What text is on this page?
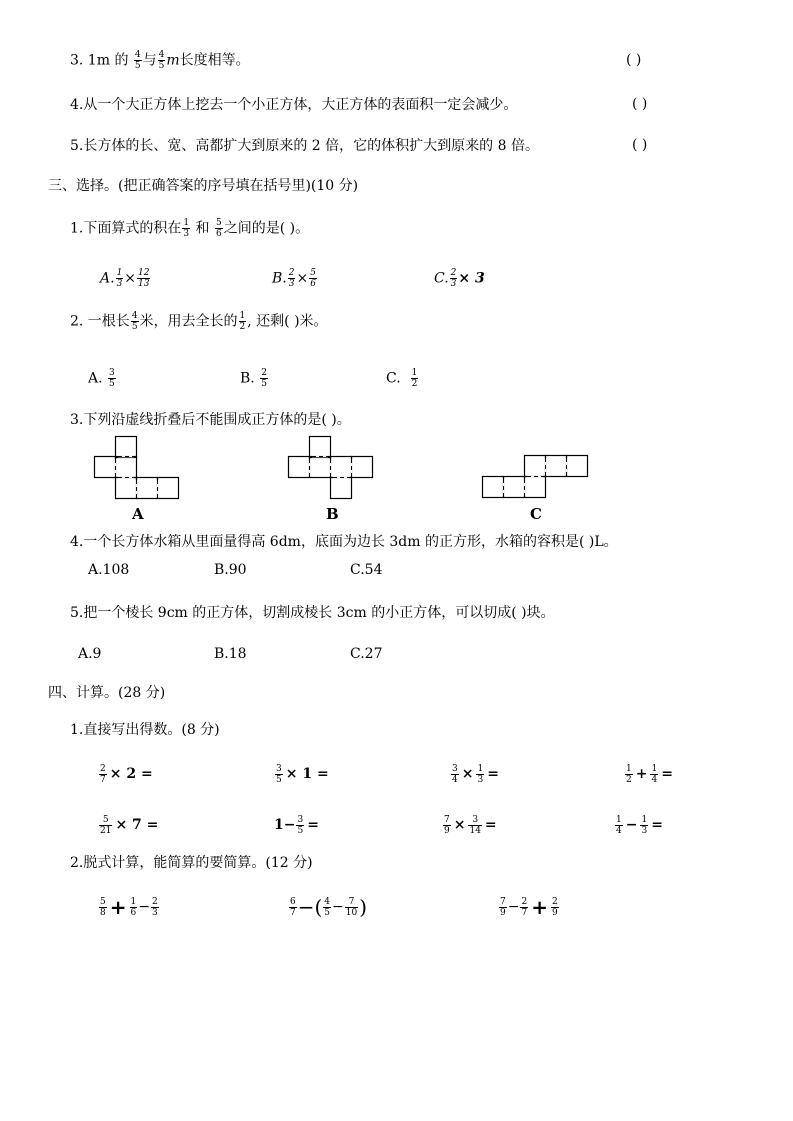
3. 1m 的 $\frac{4}{5}$ 与 $\frac{4}{5}$ m长度相等。	( )
4.从一个大正方体上挖去一个小正方体，大正方体的表面积一定会减少。	( )
5.长方体的长、宽、高都扩大到原来的 2 倍，它的体积扩大到原来的 8 倍。	( )
三、选择。(把正确答案的序号填在括号里)(10 分)
1.下面算式的积在 $\frac{1}{3}$ 和 $\frac{5}{6}$ 之间的是( )。
A. $\frac{1}{3} \times \frac{12}{13}$	B. $\frac{2}{3} \times \frac{5}{6}$	C. $\frac{2}{3} \times 3$
2. 一根长 $\frac{4}{5}$ 米，用去全长的 $\frac{1}{2}$ , 还剩( )米。
A. $\frac{3}{5}$	B. $\frac{2}{5}$	C. $\frac{1}{2}$
3.下列沿虚线折叠后不能围成正方体的是( )。
A	B	C
4.一个长方体水箱从里面量得高 6dm，底面为边长 3dm 的正方形，水箱的容积是( )L。
A.108	B.90	C.54
5.把一个棱长 9cm 的正方体，切割成棱长 3cm 的小正方体，可以切成( )块。
A.9	B.18	C.27
四、计算。(28 分)
1.直接写出得数。(8 分)
$\frac{2}{7} \times 2$ =	$\frac{3}{5} \times 1$ =	$\frac{3}{4} \times \frac{1}{3}$ =	$\frac{1}{2} + \frac{1}{4}$ =
$\frac{5}{21} \times 7$ =	$1- \frac{3}{5}$ =	$\frac{7}{9} \times \frac{3}{14}$ =	$\frac{1}{4} - \frac{1}{3}$ =
2.脱式计算，能简算的要简算。(12 分)
$\frac{5}{8} + \frac{1}{6} - \frac{2}{3}$	$\frac{6}{7}$ −( $\frac{4}{5} - \frac{7}{10}$ )	$\frac{7}{9} - \frac{2}{7} + \frac{2}{9}$
